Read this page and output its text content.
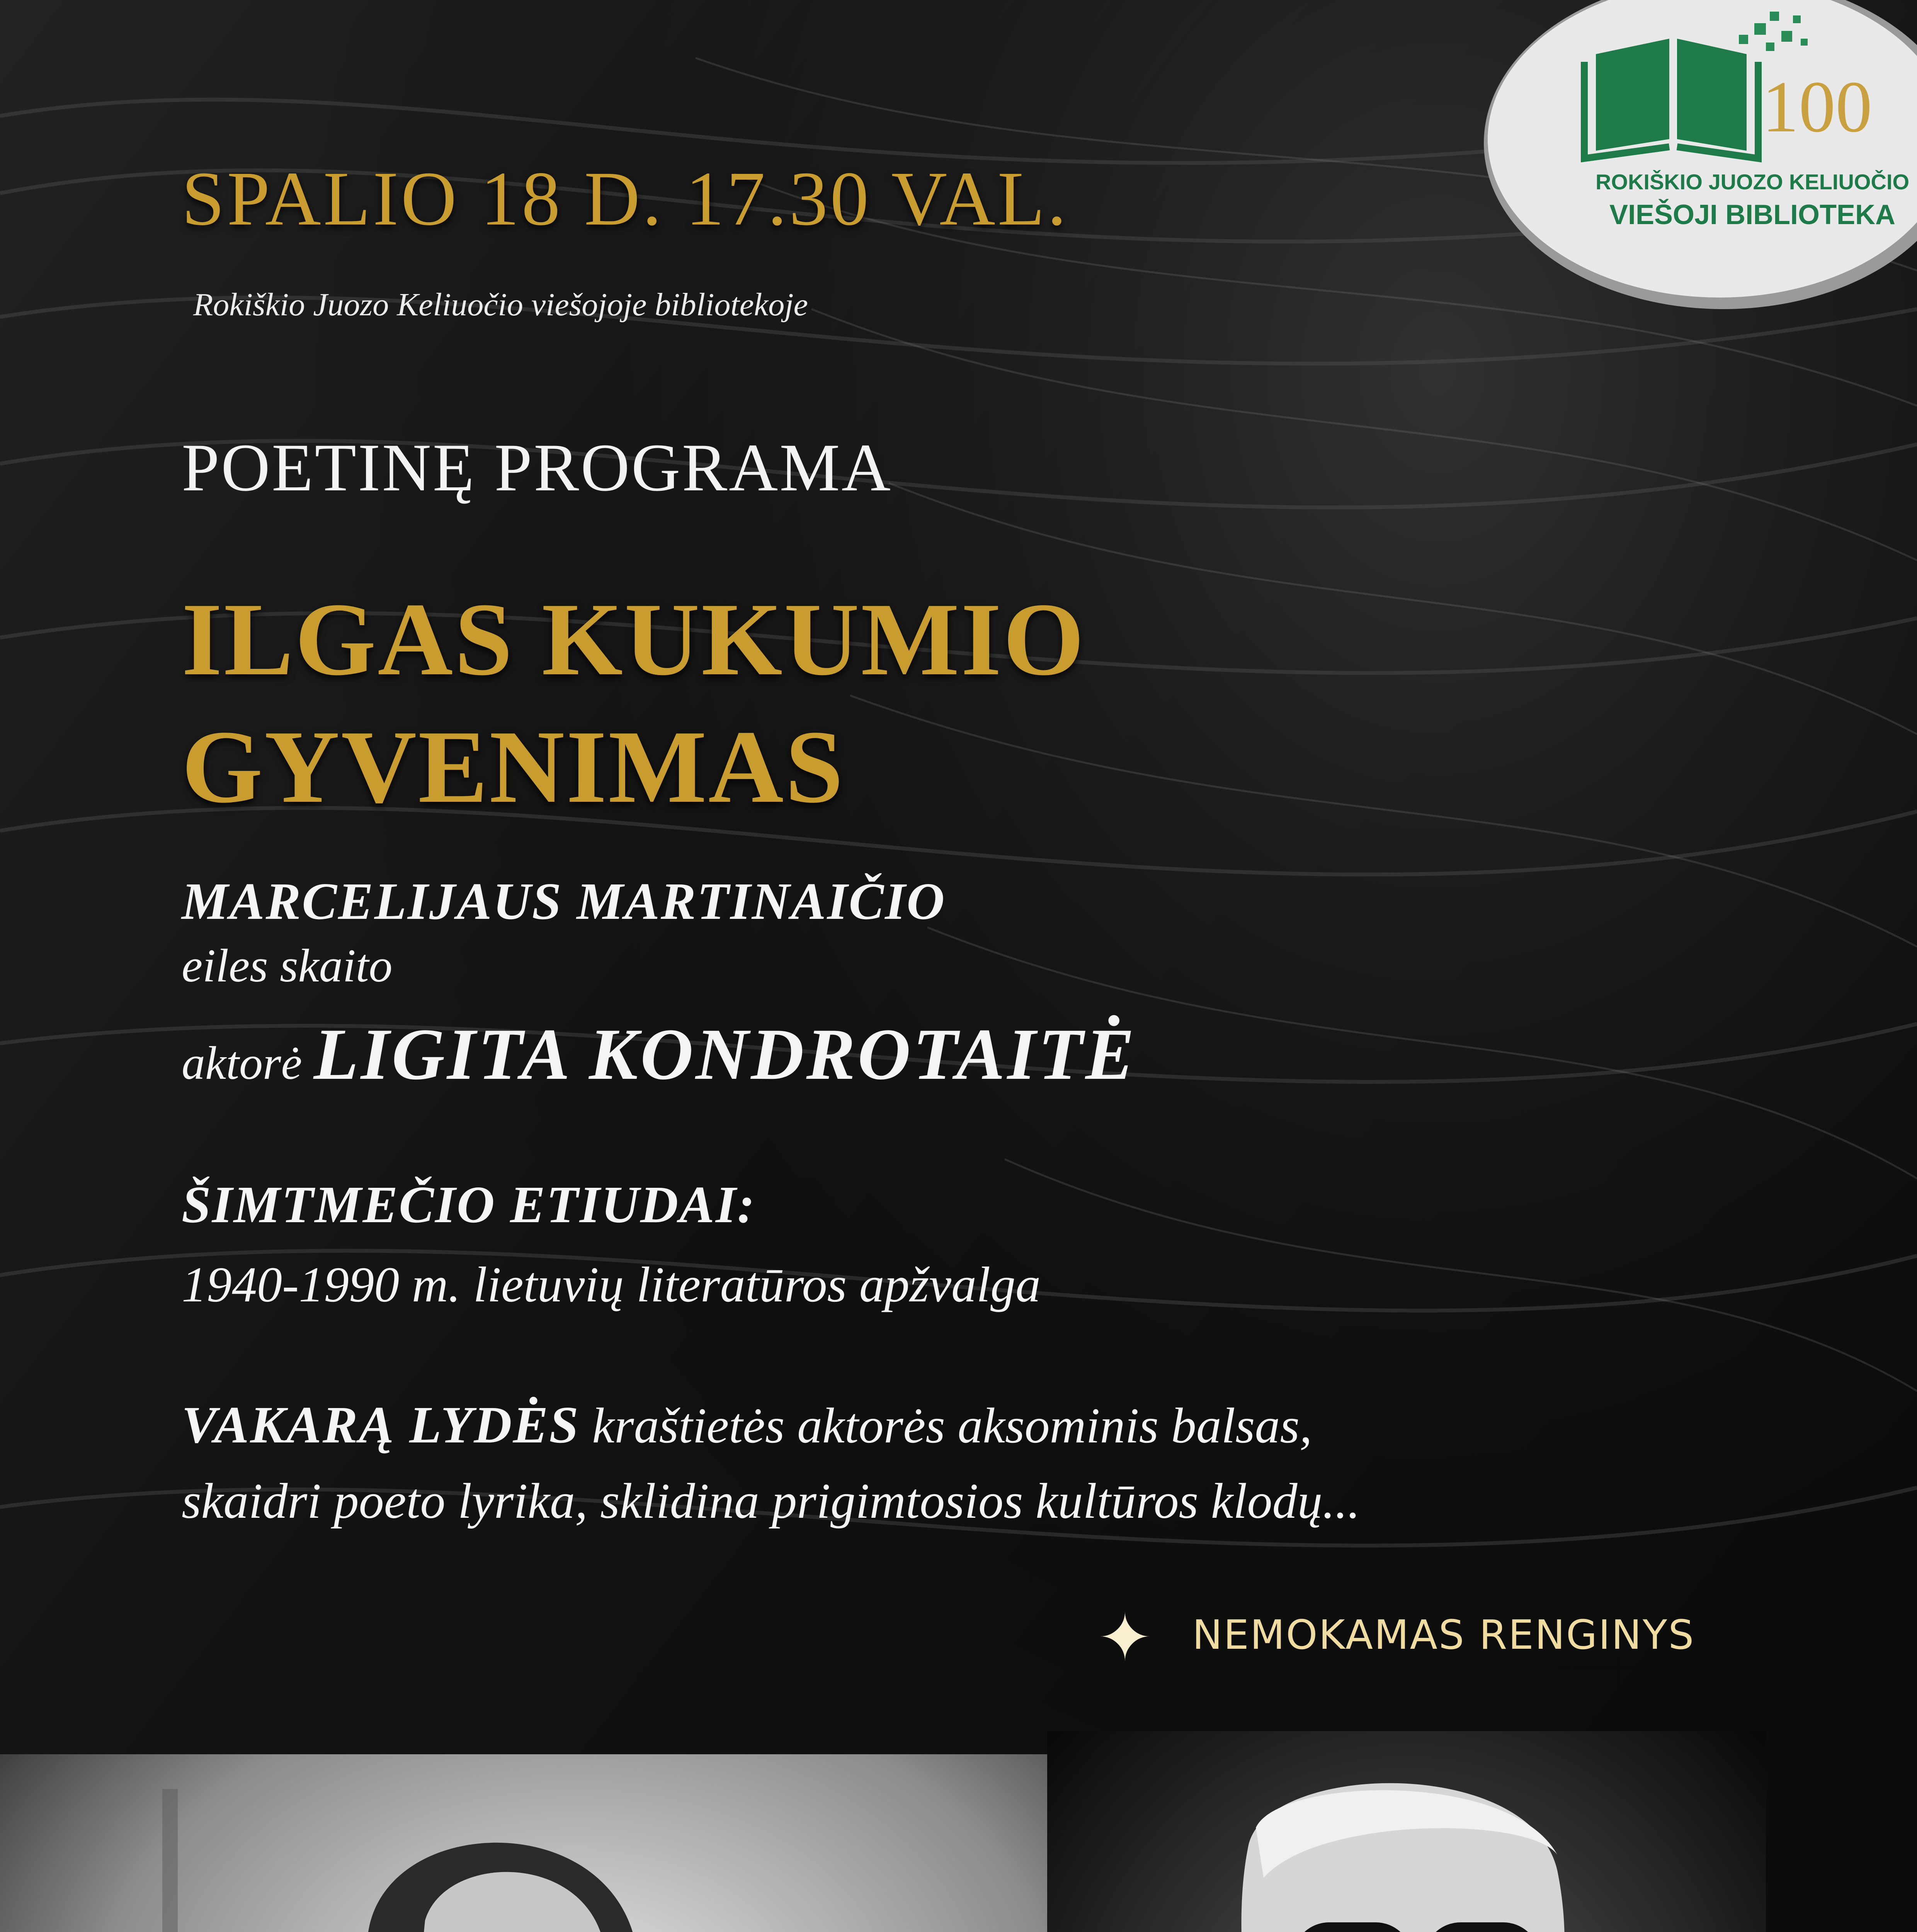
100
ROKIŠKIO JUOZO KELIUOČIO
VIEŠOJI BIBLIOTEKA
SPALIO 18 D. 17.30 VAL.
Rokiškio Juozo Keliuočio viešojoje bibliotekoje
POETINĘ PROGRAMA
ILGAS KUKUMIO
GYVENIMAS
MARCELIJAUS MARTINAIČIO
eiles skaito
aktorė LIGITA KONDROTAITĖ
ŠIMTMEČIO ETIUDAI:
1940-1990 m. lietuvių literatūros apžvalga
VAKARĄ LYDĖS kraštietės aktorės aksominis balsas,
skaidri poeto lyrika, sklidina prigimtosios kultūros klodų...
✦ NEMOKAMAS RENGINYS
